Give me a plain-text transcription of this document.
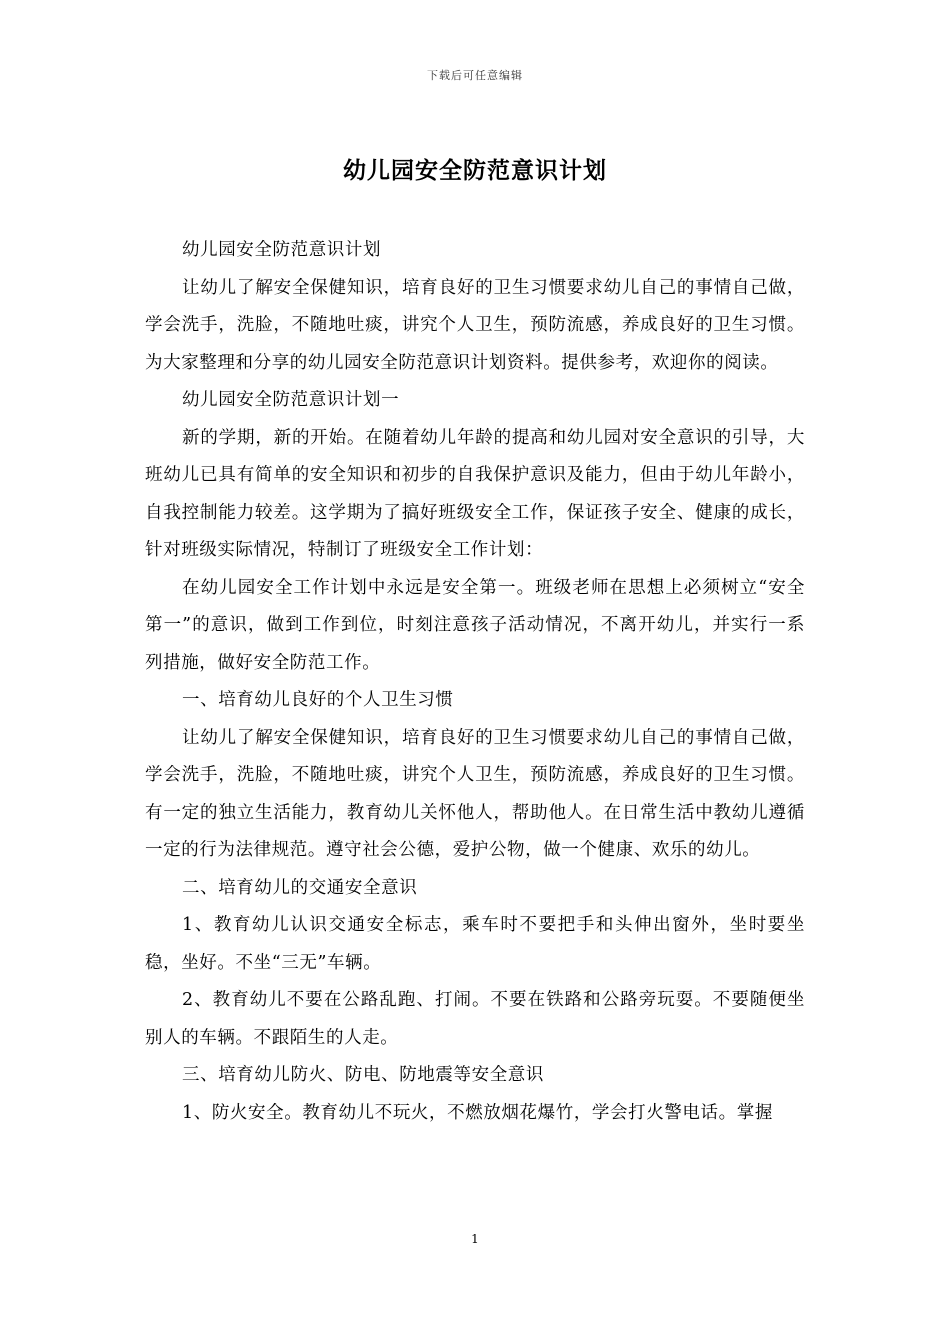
下载后可任意编辑
幼儿园安全防范意识计划

幼儿园安全防范意识计划

让幼儿了解安全保健知识，培育良好的卫生习惯要求幼儿自己的事情自己做，学会洗手，洗脸，不随地吐痰，讲究个人卫生，预防流感，养成良好的卫生习惯。为大家整理和分享的幼儿园安全防范意识计划资料。提供参考，欢迎你的阅读。

幼儿园安全防范意识计划一

新的学期，新的开始。在随着幼儿年龄的提高和幼儿园对安全意识的引导，大班幼儿已具有简单的安全知识和初步的自我保护意识及能力，但由于幼儿年龄小，自我控制能力较差。这学期为了搞好班级安全工作，保证孩子安全、健康的成长，针对班级实际情况，特制订了班级安全工作计划：

在幼儿园安全工作计划中永远是安全第一。班级老师在思想上必须树立“安全第一”的意识，做到工作到位，时刻注意孩子活动情况，不离开幼儿，并实行一系列措施，做好安全防范工作。

一、培育幼儿良好的个人卫生习惯

让幼儿了解安全保健知识，培育良好的卫生习惯要求幼儿自己的事情自己做，学会洗手，洗脸，不随地吐痰，讲究个人卫生，预防流感，养成良好的卫生习惯。有一定的独立生活能力，教育幼儿关怀他人，帮助他人。在日常生活中教幼儿遵循一定的行为法律规范。遵守社会公德，爱护公物，做一个健康、欢乐的幼儿。

二、培育幼儿的交通安全意识

1、教育幼儿认识交通安全标志，乘车时不要把手和头伸出窗外，坐时要坐稳，坐好。不坐“三无”车辆。

2、教育幼儿不要在公路乱跑、打闹。不要在铁路和公路旁玩耍。不要随便坐别人的车辆。不跟陌生的人走。

三、培育幼儿防火、防电、防地震等安全意识

1、防火安全。教育幼儿不玩火，不燃放烟花爆竹，学会打火警电话。掌握

1
